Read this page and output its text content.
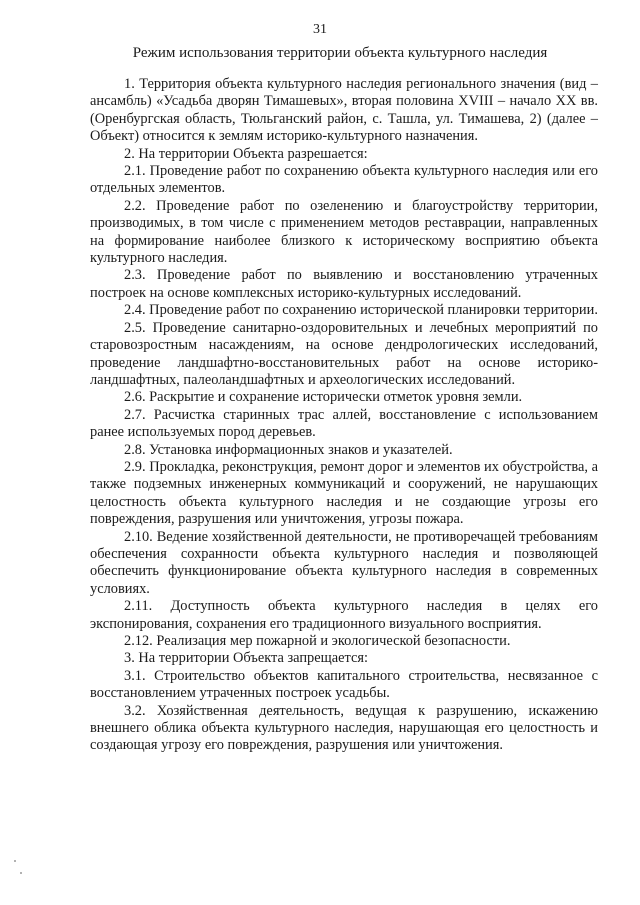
31
Режим использования территории объекта культурного наследия

1. Территория объекта культурного наследия регионального значения (вид – ансамбль) «Усадьба дворян Тимашевых», вторая половина XVIII – начало XX вв. (Оренбургская область, Тюльганский район, с. Ташла, ул. Тимашева, 2) (далее – Объект) относится к землям историко-культурного назначения.

2. На территории Объекта разрешается:

2.1. Проведение работ по сохранению объекта культурного наследия или его отдельных элементов.

2.2. Проведение работ по озеленению и благоустройству территории, производимых, в том числе с применением методов реставрации, направленных на формирование наиболее близкого к историческому восприятию объекта культурного наследия.

2.3. Проведение работ по выявлению и восстановлению утраченных построек на основе комплексных историко-культурных исследований.

2.4. Проведение работ по сохранению исторической планировки территории.

2.5. Проведение санитарно-оздоровительных и лечебных мероприятий по старовозростным насаждениям, на основе дендрологических исследований, проведение ландшафтно-восстановительных работ на основе историко-ландшафтных, палеоландшафтных и археологических исследований.

2.6. Раскрытие и сохранение исторически отметок уровня земли.

2.7. Расчистка старинных трас аллей, восстановление с использованием ранее используемых пород деревьев.

2.8. Установка информационных знаков и указателей.

2.9. Прокладка, реконструкция, ремонт дорог и элементов их обустройства, а также подземных инженерных коммуникаций и сооружений, не нарушающих целостность объекта культурного наследия и не создающие угрозы его повреждения, разрушения или уничтожения, угрозы пожара.

2.10. Ведение хозяйственной деятельности, не противоречащей требованиям обеспечения сохранности объекта культурного наследия и позволяющей обеспечить функционирование объекта культурного наследия в современных условиях.

2.11. Доступность объекта культурного наследия в целях его экспонирования, сохранения его традиционного визуального восприятия.

2.12. Реализация мер пожарной и экологической безопасности.

3. На территории Объекта запрещается:

3.1. Строительство объектов капитального строительства, несвязанное с восстановлением утраченных построек усадьбы.

3.2. Хозяйственная деятельность, ведущая к разрушению, искажению внешнего облика объекта культурного наследия, нарушающая его целостность и создающая угрозу его повреждения, разрушения или уничтожения.
